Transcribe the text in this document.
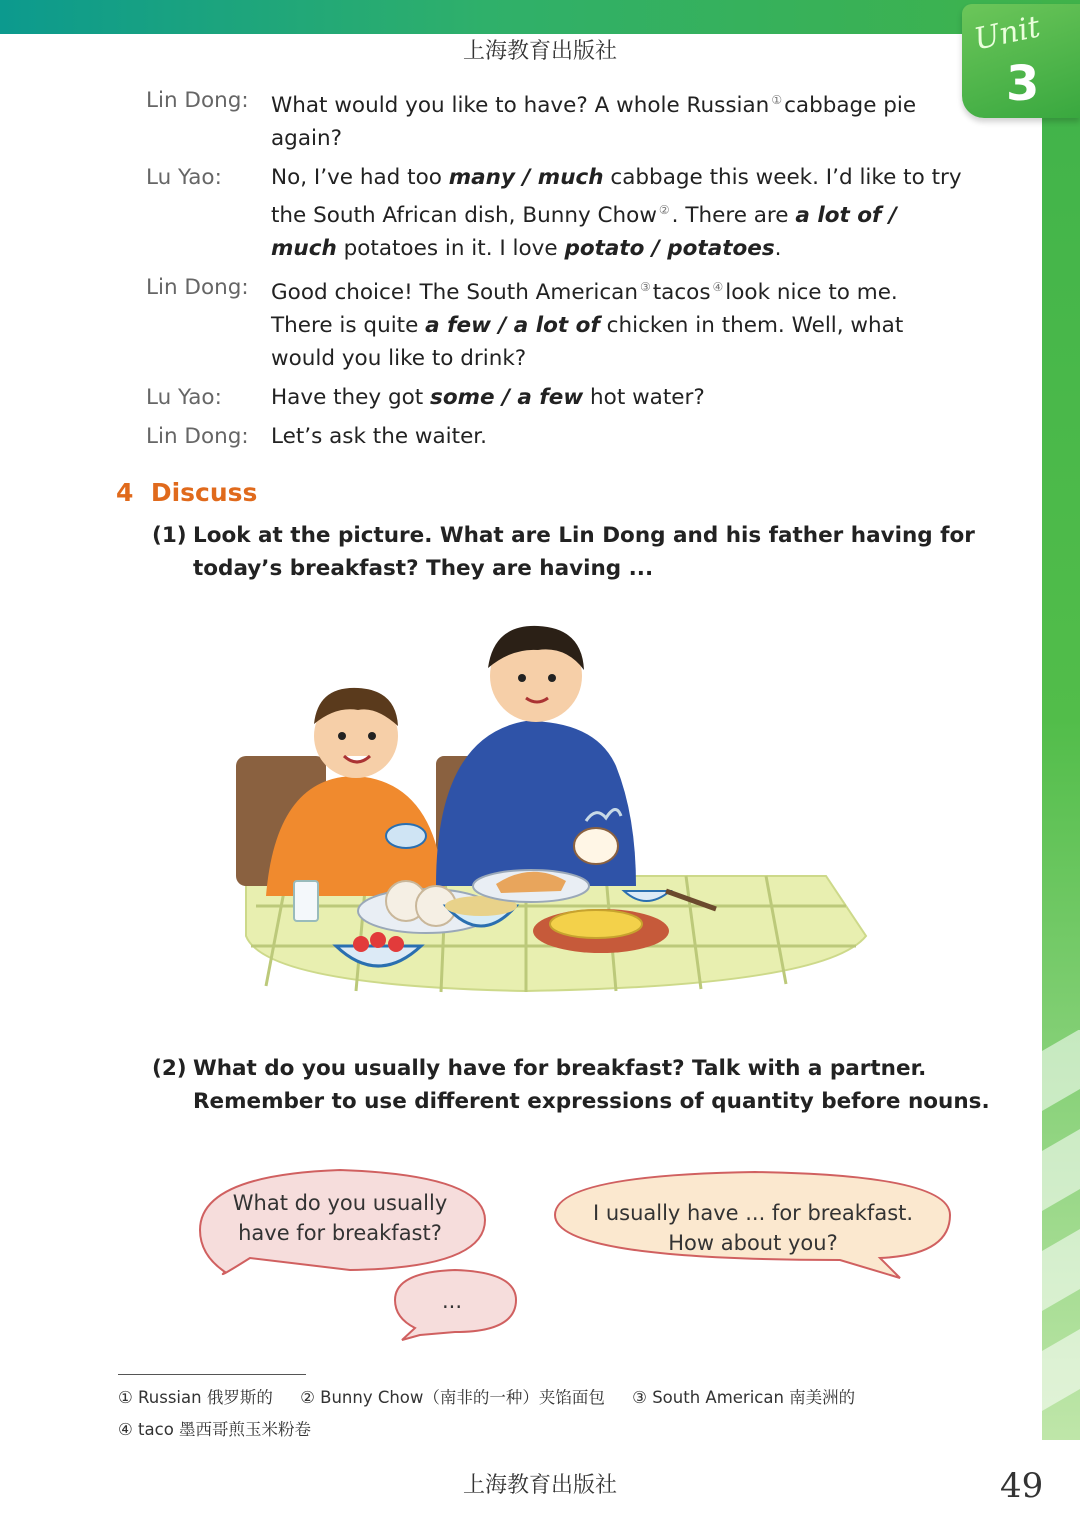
Unit
3
上海教育出版社
Lin Dong:	What would you like to have? A whole Russian ①cabbage pie again?
Lu Yao:	No, I’ve had too many / much cabbage this week. I’d like to try the South African dish, Bunny Chow ②. There are a lot of / much potatoes in it. I love potato / potatoes.
Lin Dong:	Good choice! The South American ③tacos ④look nice to me. There is quite a few / a lot of chicken in them. Well, what would you like to drink?
Lu Yao:	Have they got some / a few hot water?
Lin Dong:	Let’s ask the waiter.
4 Discuss
(1) Look at the picture. What are Lin Dong and his father having for today’s breakfast? They are having ...
(2) What do you usually have for breakfast? Talk with a partner. Remember to use different expressions of quantity before nouns.
What do you usually
have for breakfast?
I usually have ... for breakfast.
How about you?
...
① Russian 俄罗斯的 ② Bunny Chow（南非的一种）夹馅面包 ③ South American 南美洲的
④ taco 墨西哥煎玉米粉卷
上海教育出版社	49
